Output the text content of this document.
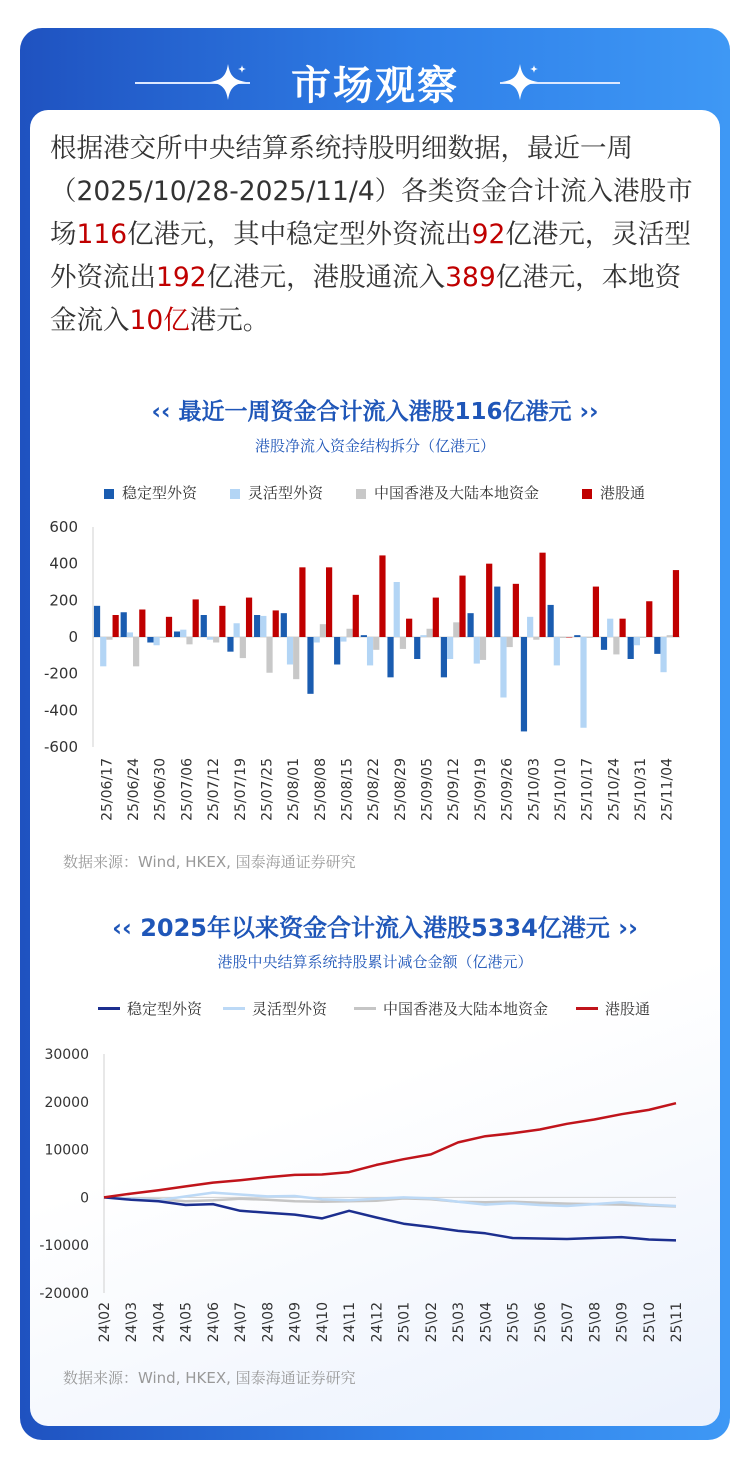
市场观察
根据港交所中央结算系统持股明细数据，最近一周（2025/10/28-2025/11/4）各类资金合计流入港股市场116亿港元，其中稳定型外资流出92亿港元，灵活型外资流出192亿港元，港股通流入389亿港元，本地资金流入10亿港元。
‹‹ 最近一周资金合计流入港股116亿港元 ››
港股净流入资金结构拆分（亿港元）
稳定型外资	灵活型外资	中国香港及大陆本地资金	港股通
600
400
200
0
-200
-400
-600
25/06/17 25/06/24 25/06/30 25/07/06 25/07/12 25/07/19 25/07/25 25/08/01 25/08/08 25/08/15 25/08/22 25/08/29 25/09/05 25/09/12 25/09/19 25/09/26 25/10/03 25/10/10 25/10/17 25/10/24 25/10/31 25/11/04
数据来源：Wind, HKEX, 国泰海通证券研究
‹‹ 2025年以来资金合计流入港股5334亿港元 ››
港股中央结算系统持股累计减仓金额（亿港元）
稳定型外资	灵活型外资	中国香港及大陆本地资金	港股通
30000
20000
10000
0
-10000
-20000
24\02 24\03 24\04 24\05 24\06 24\07 24\08 24\09 24\10 24\11 24\12 25\01 25\02 25\03 25\04 25\05 25\06 25\07 25\08 25\09 25\10 25\11
数据来源：Wind, HKEX, 国泰海通证券研究
